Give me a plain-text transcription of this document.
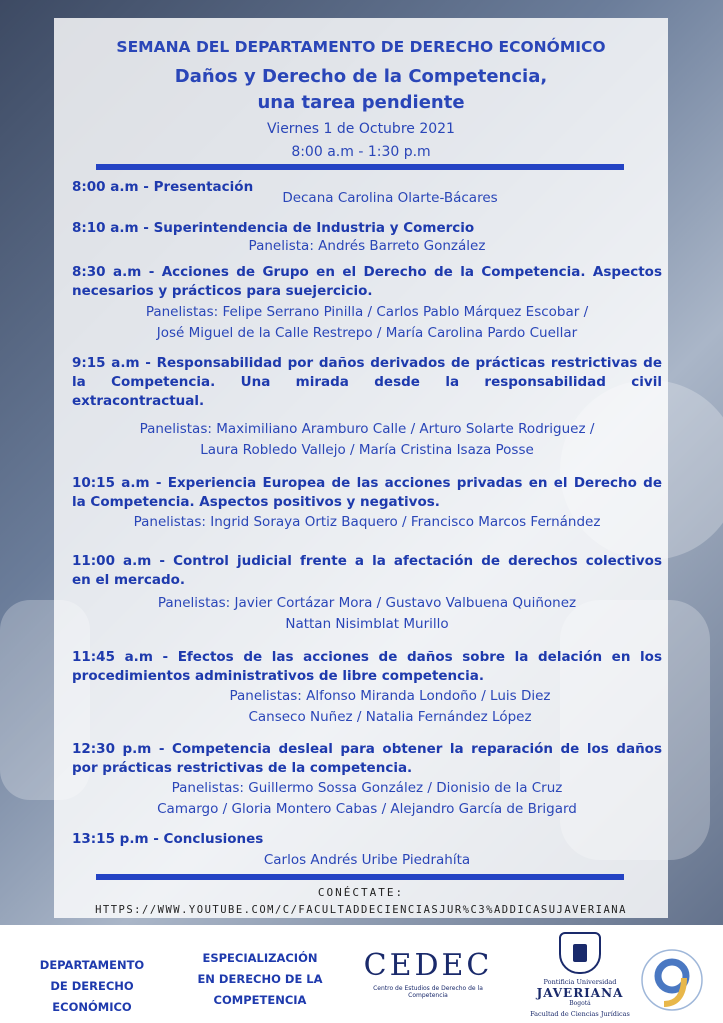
SEMANA DEL DEPARTAMENTO DE DERECHO ECONÓMICO
Daños y Derecho de la Competencia,
una tarea pendiente
Viernes 1 de Octubre 2021
8:00 a.m - 1:30 p.m
8:00 a.m - Presentación
Decana Carolina Olarte-Bácares
8:10 a.m - Superintendencia de Industria y Comercio
Panelista: Andrés Barreto González
8:30 a.m - Acciones de Grupo en el Derecho de la Competencia. Aspectos
necesarios y prácticos para suejercicio.
Panelistas: Felipe Serrano Pinilla / Carlos Pablo Márquez Escobar /
José Miguel de la Calle Restrepo / María Carolina Pardo Cuellar
9:15 a.m - Responsabilidad por daños derivados de prácticas restrictivas de
la Competencia. Una mirada desde la responsabilidad civil
extracontractual.
Panelistas: Maximiliano Aramburo Calle / Arturo Solarte Rodriguez /
Laura Robledo Vallejo / María Cristina Isaza Posse
10:15 a.m - Experiencia Europea de las acciones privadas en el Derecho de
la Competencia. Aspectos positivos y negativos.
Panelistas: Ingrid Soraya Ortiz Baquero / Francisco Marcos Fernández
11:00 a.m - Control judicial frente a la afectación de derechos colectivos
en el mercado.
Panelistas: Javier Cortázar Mora / Gustavo Valbuena Quiñonez
Nattan Nisimblat Murillo
11:45 a.m - Efectos de las acciones de daños sobre la delación en los
procedimientos administrativos de libre competencia.
Panelistas: Alfonso Miranda Londoño / Luis Diez
Canseco Nuñez / Natalia Fernández López
12:30 p.m - Competencia desleal para obtener la reparación de los daños
por prácticas restrictivas de la competencia.
Panelistas: Guillermo Sossa González / Dionisio de la Cruz
Camargo / Gloria Montero Cabas / Alejandro García de Brigard
13:15 p.m - Conclusiones
Carlos Andrés Uribe Piedrahíta
CONÉCTATE:
HTTPS://WWW.YOUTUBE.COM/C/FACULTADDECIENCIASJUR%C3%ADDICASUJAVERIANA
DEPARTAMENTO
DE DERECHO
ECONÓMICO
ESPECIALIZACIÓN
EN DERECHO DE LA
COMPETENCIA
CEDEC
Centro de Estudios de Derecho de la Competencia
Pontificia Universidad
JAVERIANA
Bogotá
Facultad de Ciencias Jurídicas
